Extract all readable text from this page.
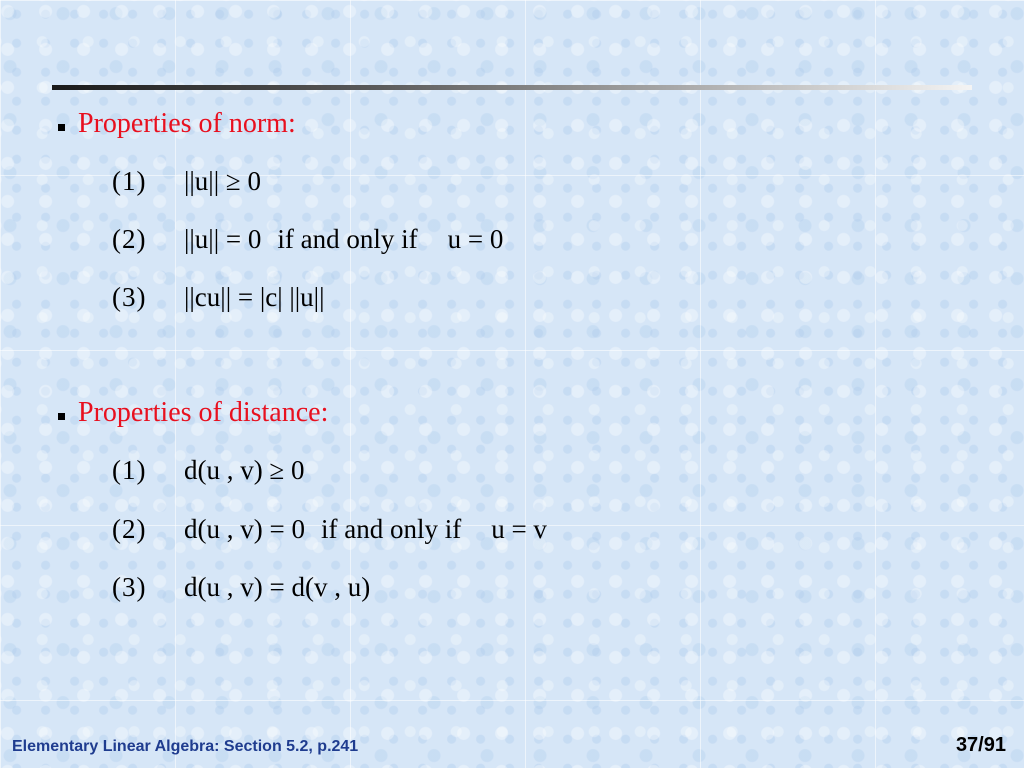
Properties of norm:
(1)	||u|| ≥ 0
(2)	||u|| = 0 if and only if u = 0
(3)	||cu|| = |c| ||u||
Properties of distance:
(1)	d(u , v) ≥ 0
(2)	d(u , v) = 0 if and only if u = v
(3)	d(u , v) = d(v , u)
Elementary Linear Algebra: Section 5.2, p.241	37/91
